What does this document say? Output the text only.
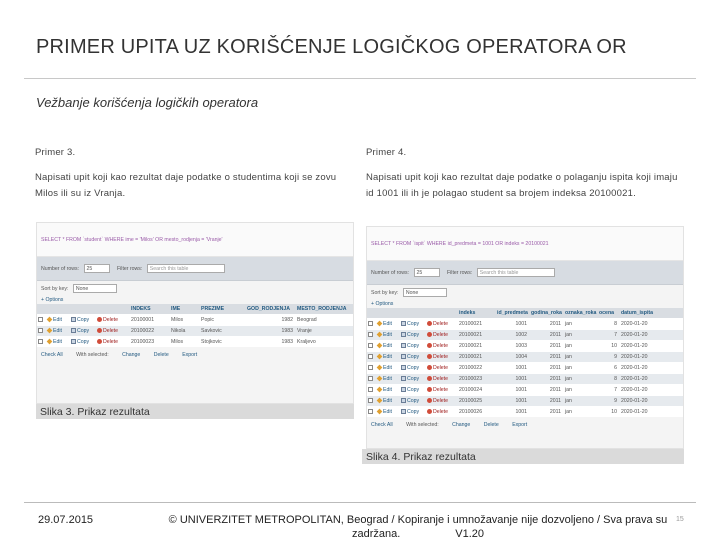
PRIMER UPITA UZ KORIŠĆENJE LOGIČKOG OPERATORA OR
Vežbanje korišćenja logičkih operatora
Primer 3.
Napisati upit koji kao rezultat daje podatke o studentima koji se zovu Milos ili su iz Vranja.
SELECT * FROM `student` WHERE ime = 'Milos' OR mesto_rodjenja = 'Vranje'
Number of rows: 25	Filter rows: Search this table
Sort by key: None
+ Options
				INDEKS	IME	PREZIME	GOD_RODJENJA	MESTO_RODJENJA
	Edit	Copy	Delete	20100001	Milos	Popic	1982	Beograd
	Edit	Copy	Delete	20100022	Nikola	Savkovic	1983	Vranje
	Edit	Copy	Delete	20100023	Milos	Stojkovic	1983	Kraljevo
Check All	With selected:	Change	Delete	Export
Slika 3. Prikaz rezultata
Primer 4.
Napisati upit koji kao rezultat daje podatke o polaganju ispita koji imaju id 1001 ili ih je polagao student sa brojem indeksa 20100021.
SELECT * FROM `ispit` WHERE id_predmeta = 1001 OR indeks = 20100021
Number of rows: 25	Filter rows: Search this table
Sort by key: None
+ Options
				indeks	id_predmeta	godina_roka	oznaka_roka	ocena	datum_ispita
	Edit	Copy	Delete	20100021	1001	2011	jan	8	2020-01-20
	Edit	Copy	Delete	20100021	1002	2011	jan	7	2020-01-20
	Edit	Copy	Delete	20100021	1003	2011	jan	10	2020-01-20
	Edit	Copy	Delete	20100021	1004	2011	jan	9	2020-01-20
	Edit	Copy	Delete	20100022	1001	2011	jan	6	2020-01-20
	Edit	Copy	Delete	20100023	1001	2011	jan	8	2020-01-20
	Edit	Copy	Delete	20100024	1001	2011	jan	7	2020-01-20
	Edit	Copy	Delete	20100025	1001	2011	jan	9	2020-01-20
	Edit	Copy	Delete	20100026	1001	2011	jan	10	2020-01-20
Check All	With selected:	Change	Delete	Export
Slika 4. Prikaz rezultata
29.07.2015	© UNIVERZITET METROPOLITAN, Beograd / Kopiranje i umnožavanje nije dozvoljeno / Sva prava su
zadržana.                  V1.20
15
